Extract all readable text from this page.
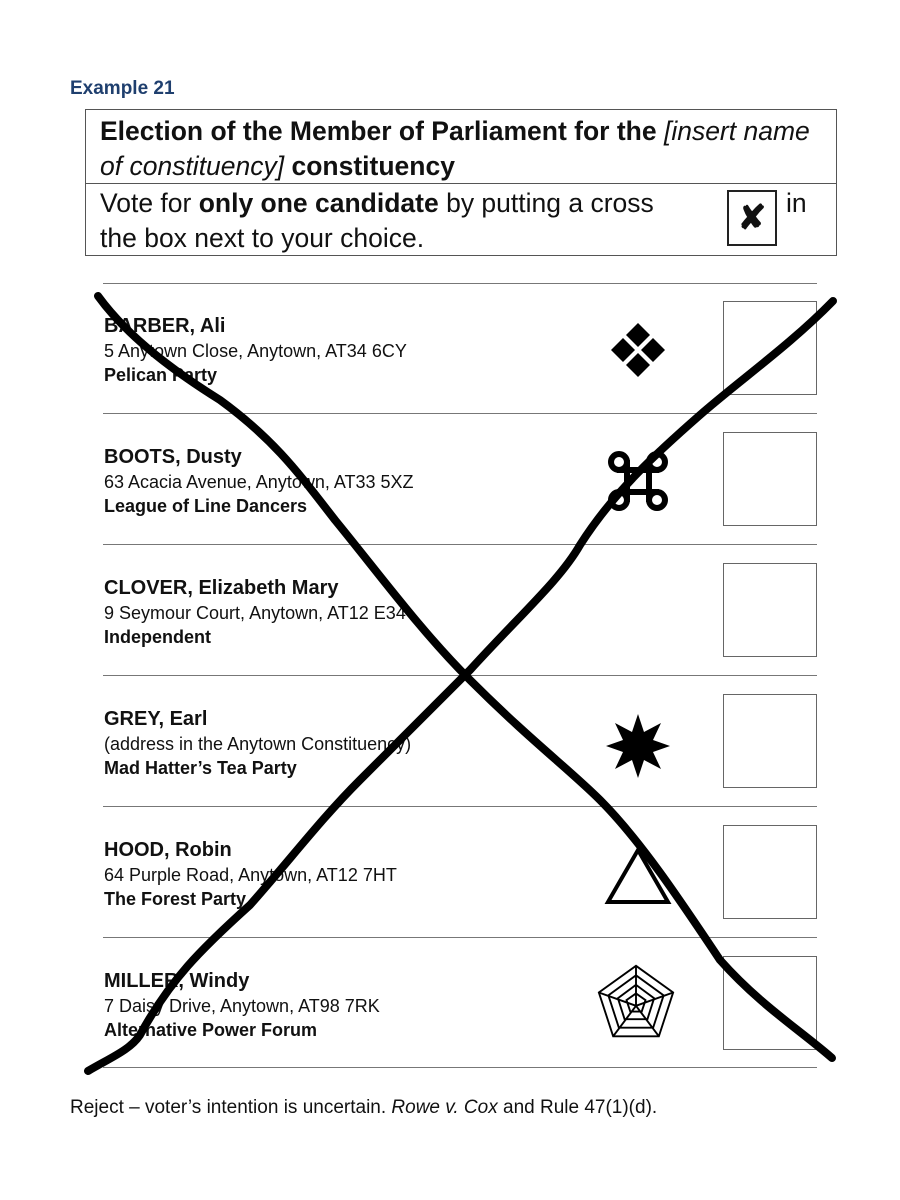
Example 21
Election of the Member of Parliament for the [insert name of constituency] constituency
Vote for only one candidate by putting a cross
the box next to your choice.
✘ in
BARBER, Ali
5 Anytown Close, Anytown, AT34 6CY
Pelican Party
BOOTS, Dusty
63 Acacia Avenue, Anytown, AT33 5XZ
League of Line Dancers
CLOVER, Elizabeth Mary
9 Seymour Court, Anytown, AT12 E34
Independent
GREY, Earl
(address in the Anytown Constituency)
Mad Hatter’s Tea Party
HOOD, Robin
64 Purple Road, Anytown, AT12 7HT
The Forest Party
MILLER, Windy
7 Daisy Drive, Anytown, AT98 7RK
Alternative Power Forum
Reject – voter’s intention is uncertain. Rowe v. Cox and Rule 47(1)(d).
